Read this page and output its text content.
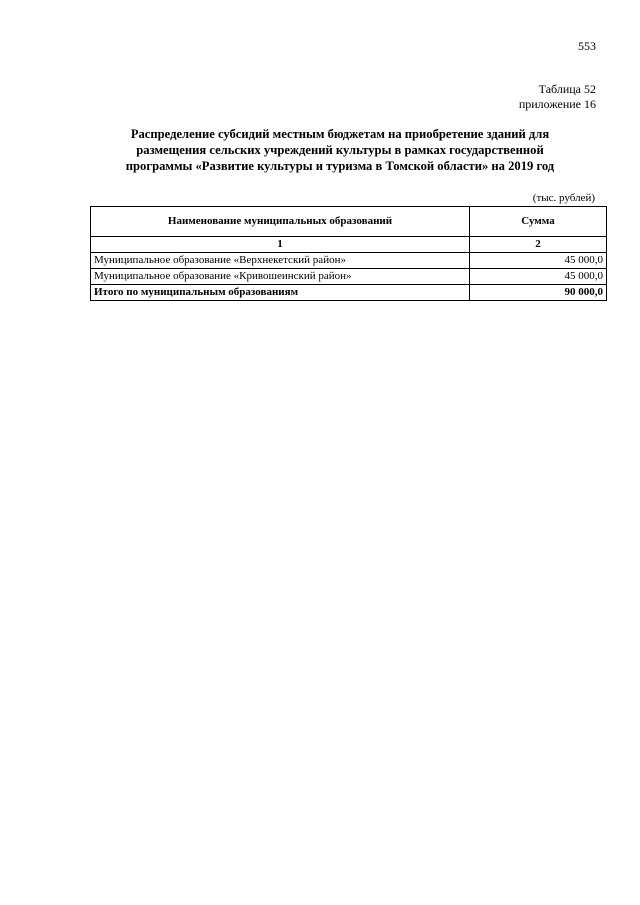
553
Таблица 52
приложение 16
Распределение субсидий местным бюджетам на приобретение зданий для
размещения сельских учреждений культуры в рамках государственной
программы «Развитие культуры и туризма в Томской области» на 2019 год
(тыс. рублей)
Наименование муниципальных образований	Сумма
1	2
Муниципальное образование «Верхнекетский район»	45 000,0
Муниципальное образование «Кривошеинский район»	45 000,0
Итого по муниципальным образованиям	90 000,0
